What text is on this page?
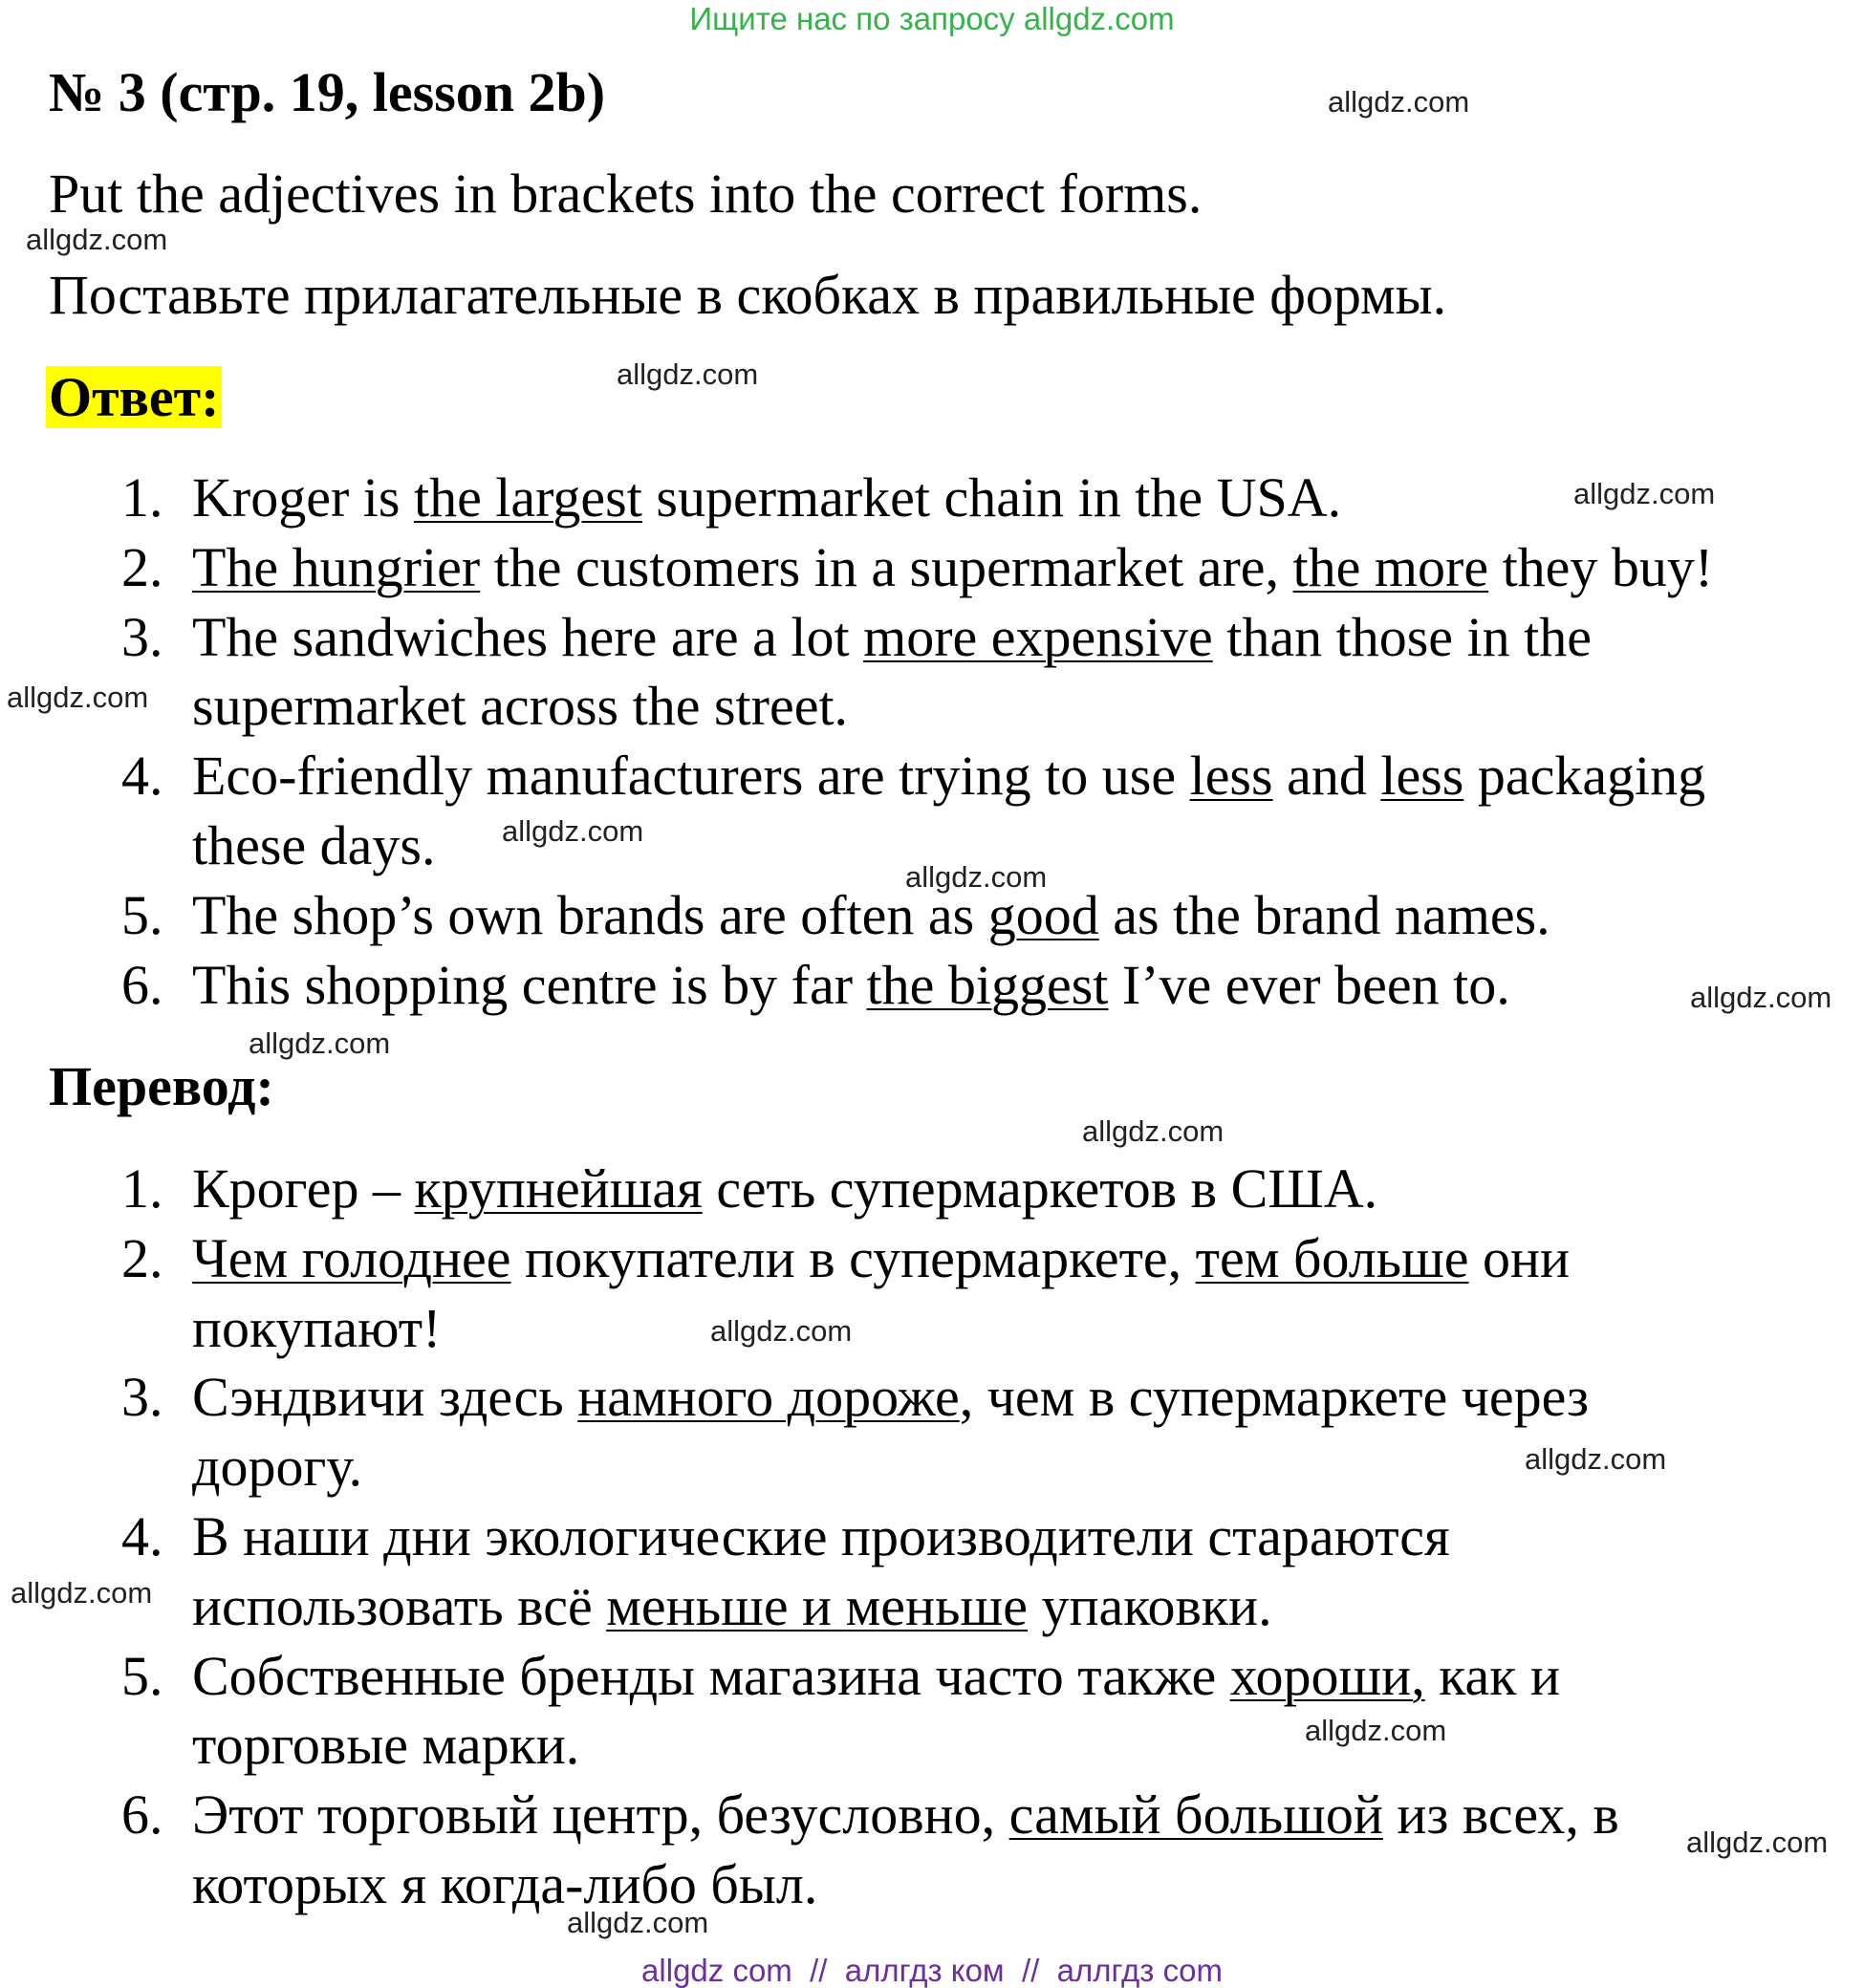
Ищите нас по запросу allgdz.com
№ 3 (стр. 19, lesson 2b)
Put the adjectives in brackets into the correct forms.
Поставьте прилагательные в скобках в правильные формы.
Ответ:
1. Kroger is the largest supermarket chain in the USA.
2. The hungrier the customers in a supermarket are, the more they buy!
3. The sandwiches here are a lot more expensive than those in the
supermarket across the street.
4. Eco-friendly manufacturers are trying to use less and less packaging
these days.
5. The shop’s own brands are often as good as the brand names.
6. This shopping centre is by far the biggest I’ve ever been to.
Перевод:
1. Крогер – крупнейшая сеть супермаркетов в США.
2. Чем голоднее покупатели в супермаркете, тем больше они
покупают!
3. Сэндвичи здесь намного дороже, чем в супермаркете через
дорогу.
4. В наши дни экологические производители стараются
использовать всё меньше и меньше упаковки.
5. Собственные бренды магазина часто также хороши, как и
торговые марки.
6. Этот торговый центр, безусловно, самый большой из всех, в
которых я когда-либо был.
allgdz.com
allgdz.com
allgdz.com
allgdz.com
allgdz.com
allgdz.com
allgdz.com
allgdz.com
allgdz.com
allgdz.com
allgdz.com
allgdz.com
allgdz.com
allgdz.com
allgdz.com
allgdz.com
allgdz com  //  аллгдз ком  //  аллгдз com
